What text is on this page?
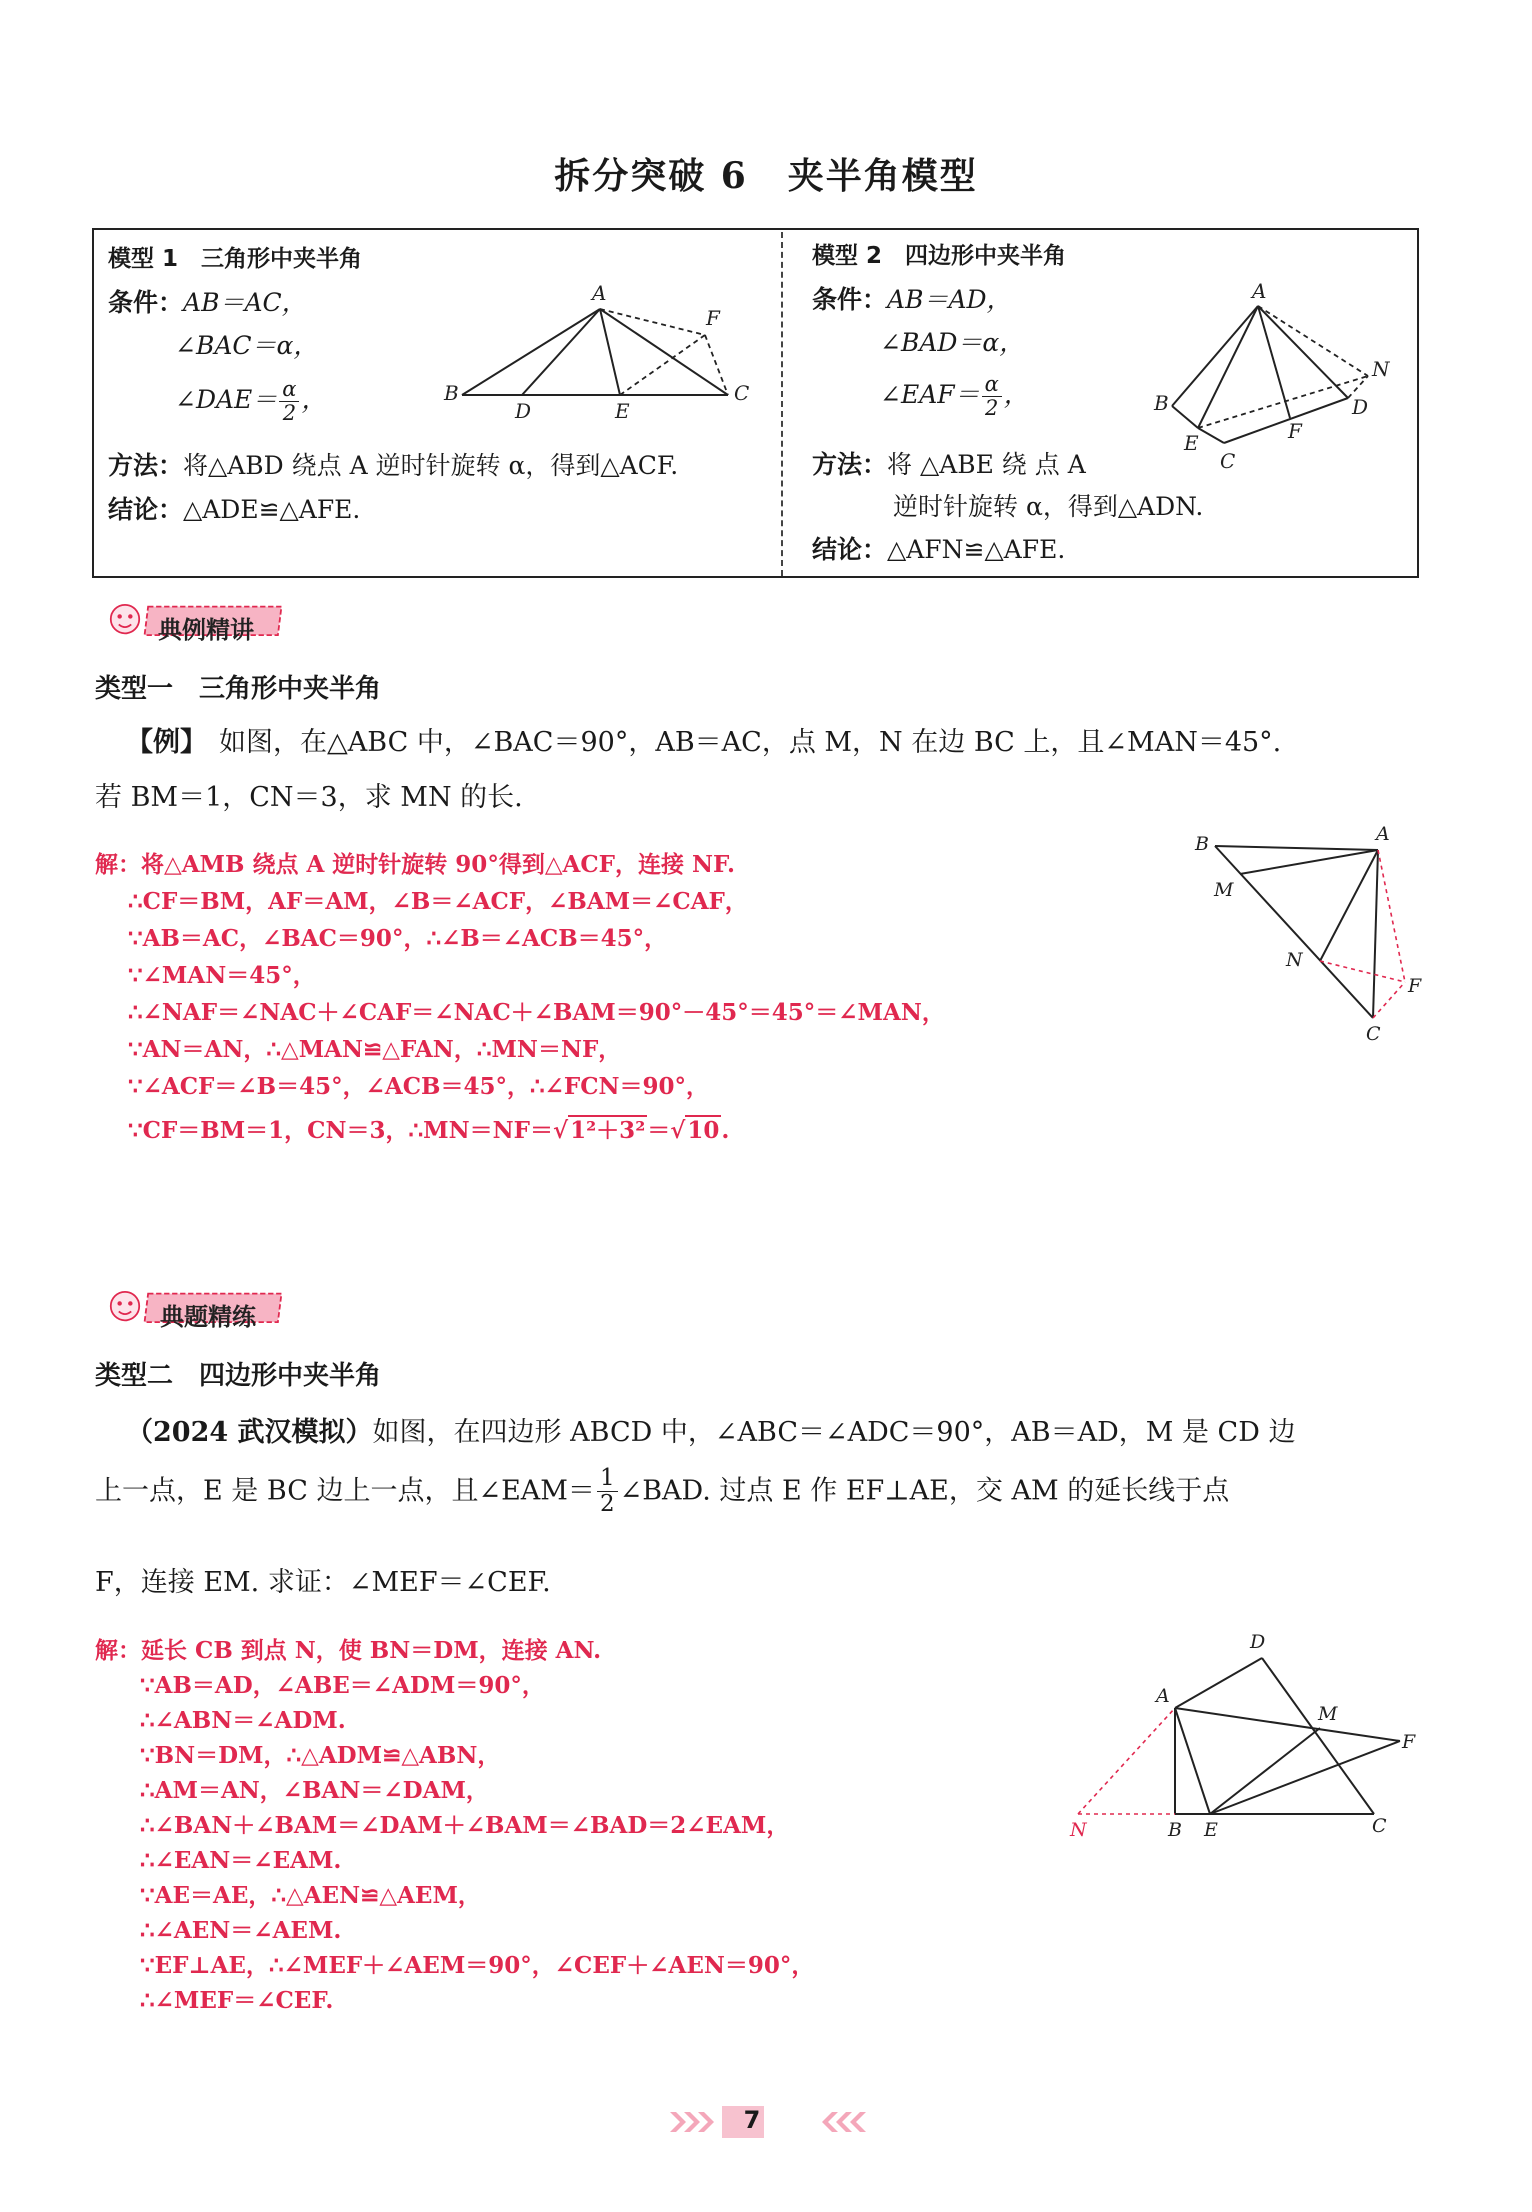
拆分突破 6 夹半角模型
模型 1　三角形中夹半角
条件：AB＝AC，
∠BAC＝α，
∠DAE＝ $\frac{\alpha}{2}$ ，
方法：将△ABD 绕点 A 逆时针旋转 α，得到△ACF.
结论：△ADE≌△AFE.
A
B	C
D	E
F
模型 2　四边形中夹半角
条件：AB＝AD，
∠BAD＝α，
∠EAF＝ $\frac{\alpha}{2}$ ，
方法：将 △ABE 绕 点 A
逆时针旋转 α，得到△ADN.
结论：△AFN≌△AFE.
A
B
C
D
E	F
N
典例精讲
类型一　三角形中夹半角
【例】 如图，在△ABC 中，∠BAC＝90°，AB＝AC，点 M，N 在边 BC 上，且∠MAN＝45°.
若 BM＝1，CN＝3，求 MN 的长.
解：将△AMB 绕点 A 逆时针旋转 90°得到△ACF，连接 NF.
∴CF＝BM，AF＝AM，∠B＝∠ACF，∠BAM＝∠CAF，
∵AB＝AC，∠BAC＝90°，∴∠B＝∠ACB＝45°，
∵∠MAN＝45°，
∴∠NAF＝∠NAC＋∠CAF＝∠NAC＋∠BAM＝90°－45°＝45°＝∠MAN，
∵AN＝AN，∴△MAN≌△FAN，∴MN＝NF，
∵∠ACF＝∠B＝45°，∠ACB＝45°，∴∠FCN＝90°，
∵CF＝BM＝1，CN＝3，∴MN＝NF＝√1²＋3²＝√10.
A
B
C
M
N
F
典题精练
类型二　四边形中夹半角
（2024 武汉模拟）如图，在四边形 ABCD 中，∠ABC＝∠ADC＝90°，AB＝AD，M 是 CD 边
上一点，E 是 BC 边上一点，且∠EAM＝ $\frac{1}{2}$ ∠BAD. 过点 E 作 EF⊥AE，交 AM 的延长线于点
F，连接 EM. 求证：∠MEF＝∠CEF.
解：延长 CB 到点 N，使 BN＝DM，连接 AN.
∵AB＝AD，∠ABE＝∠ADM＝90°，
∴∠ABN＝∠ADM.
∵BN＝DM，∴△ADM≌△ABN，
∴AM＝AN，∠BAN＝∠DAM，
∴∠BAN＋∠BAM＝∠DAM＋∠BAM＝∠BAD＝2∠EAM，
∴∠EAN＝∠EAM.
∵AE＝AE，∴△AEN≌△AEM，
∴∠AEN＝∠AEM.
∵EF⊥AE，∴∠MEF＋∠AEM＝90°，∠CEF＋∠AEN＝90°，
∴∠MEF＝∠CEF.
A
B	C
D
E
F
M
N
7
